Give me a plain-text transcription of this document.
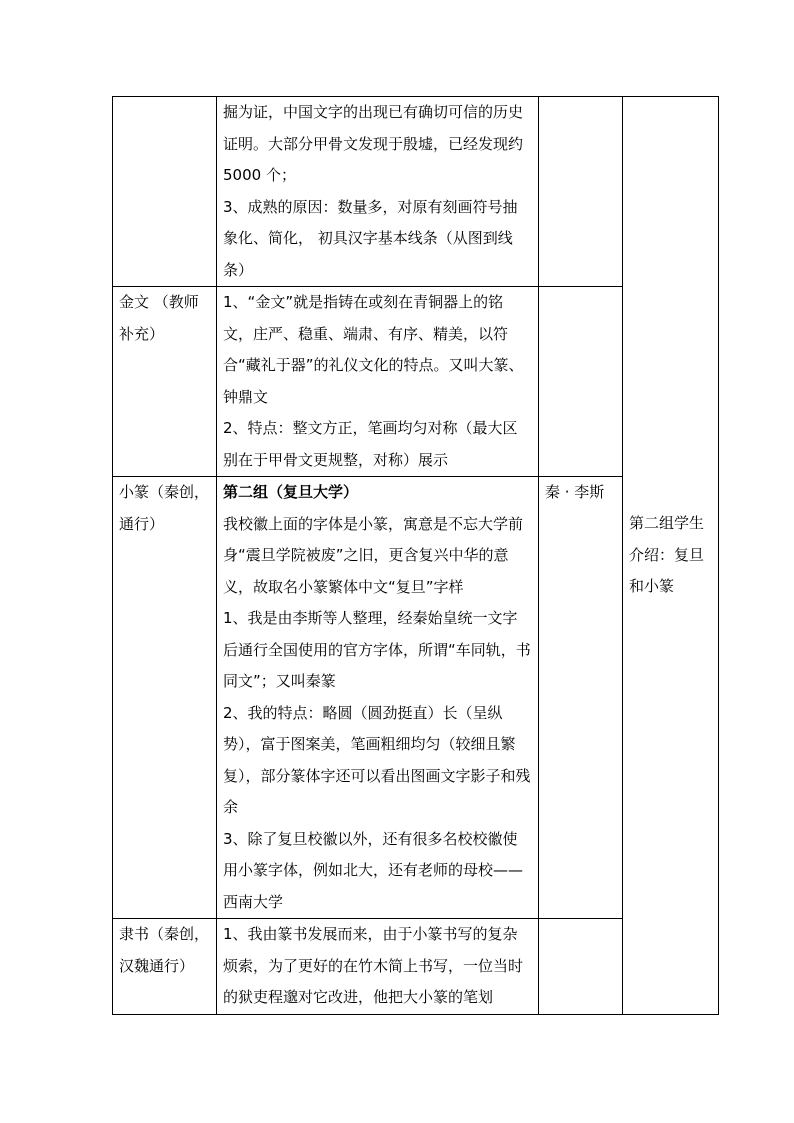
	掘为证，中国文字的出现已有确切可信的历史证明。大部分甲骨文发现于殷墟，已经发现约 5000 个；
3、成熟的原因：数量多，对原有刻画符号抽象化、简化， 初具汉字基本线条（从图到线条）		第二组学生介绍：复旦和小篆
金文 （教师补充）	1、“金文”就是指铸在或刻在青铜器上的铭文，庄严、稳重、端肃、有序、精美，以符合“藏礼于器”的礼仪文化的特点。又叫大篆、钟鼎文
2、特点：整文方正，笔画均匀对称（最大区别在于甲骨文更规整，对称）展示		

小篆（秦创，通行）	第二组（复旦大学）
我校徽上面的字体是小篆，寓意是不忘大学前身“震旦学院被废”之旧，更含复兴中华的意义，故取名小篆繁体中文“复旦”字样
1、我是由李斯等人整理，经秦始皇统一文字后通行全国使用的官方字体，所谓“车同轨，书同文”；又叫秦篆
2、我的特点：略圆（圆劲挺直）长（呈纵势），富于图案美，笔画粗细均匀（较细且繁复），部分篆体字还可以看出图画文字影子和残余
3、除了复旦校徽以外，还有很多名校校徽使用小篆字体，例如北大，还有老师的母校——西南大学	秦 · 李斯	
隶书（秦创，汉魏通行）	1、我由篆书发展而来，由于小篆书写的复杂烦索，为了更好的在竹木简上书写，一位当时的狱吏程邈对它改进，他把大小篆的笔划		
